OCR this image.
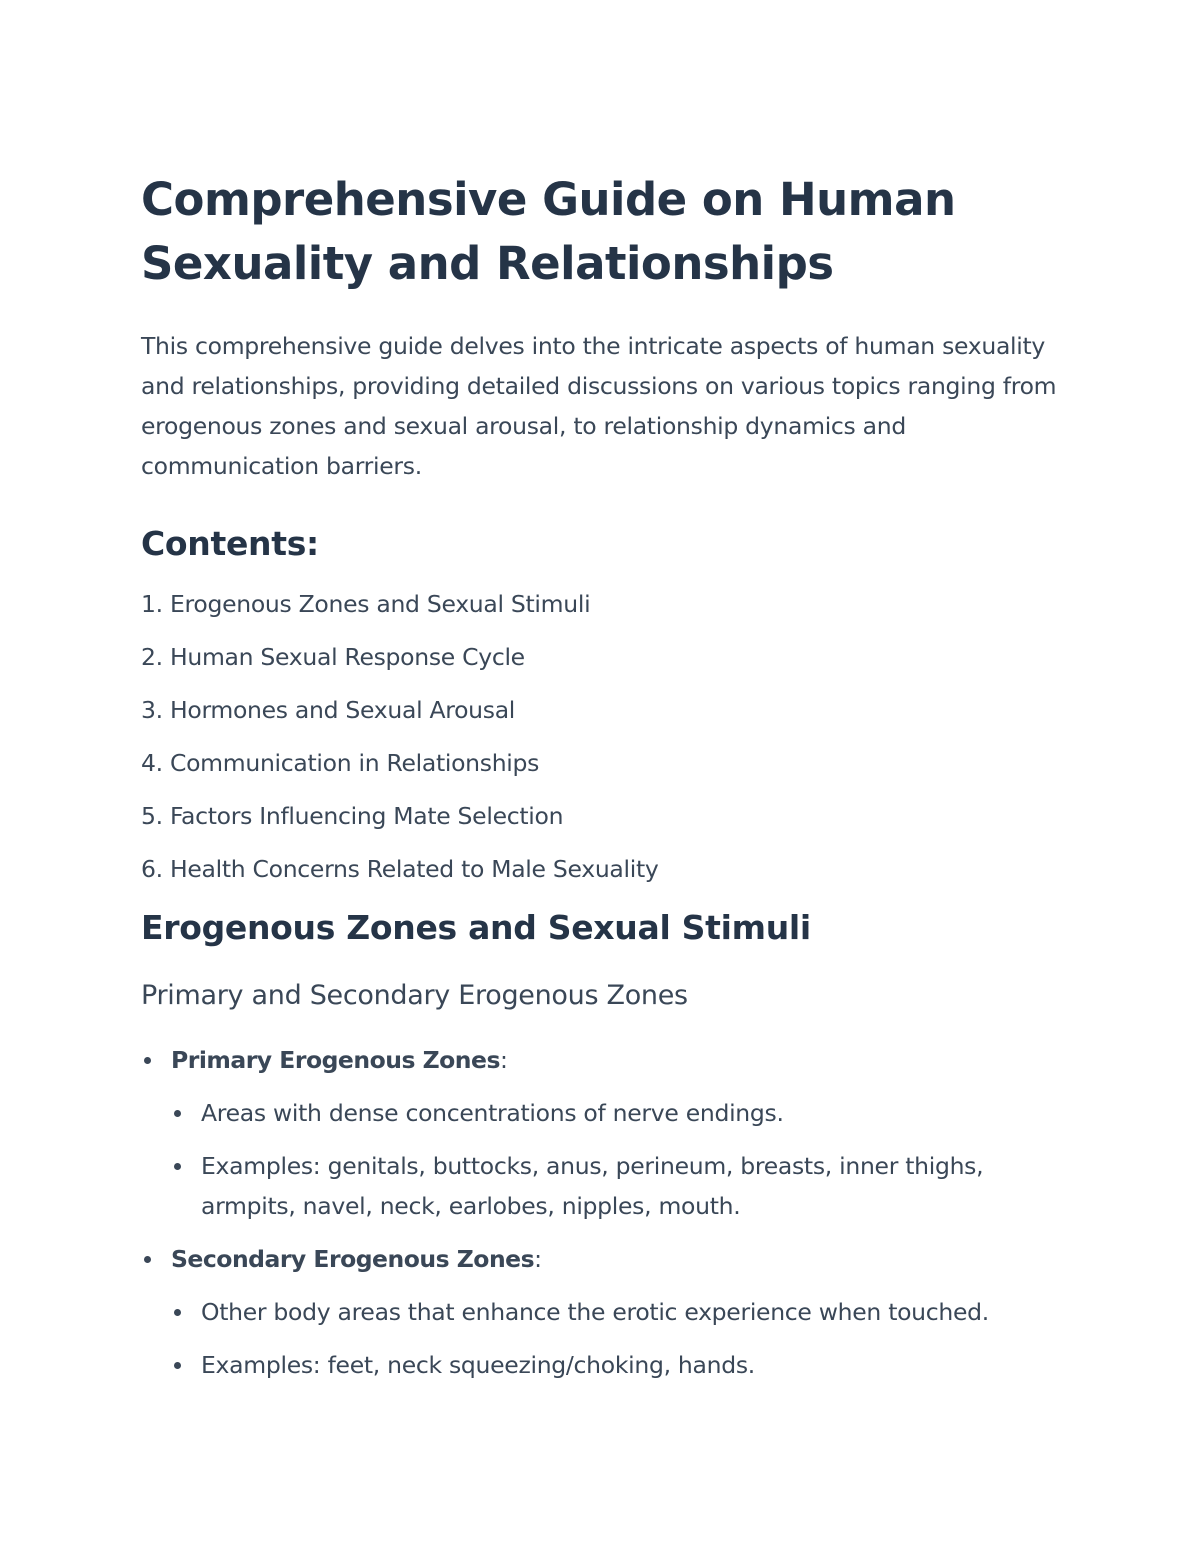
Comprehensive Guide on Human Sexuality and Relationships

This comprehensive guide delves into the intricate aspects of human sexuality and relationships, providing detailed discussions on various topics ranging from erogenous zones and sexual arousal, to relationship dynamics and communication barriers.

Contents:
1. Erogenous Zones and Sexual Stimuli
2. Human Sexual Response Cycle
3. Hormones and Sexual Arousal
4. Communication in Relationships
5. Factors Influencing Mate Selection
6. Health Concerns Related to Male Sexuality
Erogenous Zones and Sexual Stimuli
Primary and Secondary Erogenous Zones
Primary Erogenous Zones:
Areas with dense concentrations of nerve endings.
Examples: genitals, buttocks, anus, perineum, breasts, inner thighs, armpits, navel, neck, earlobes, nipples, mouth.
Secondary Erogenous Zones:
Other body areas that enhance the erotic experience when touched.
Examples: feet, neck squeezing/choking, hands.
